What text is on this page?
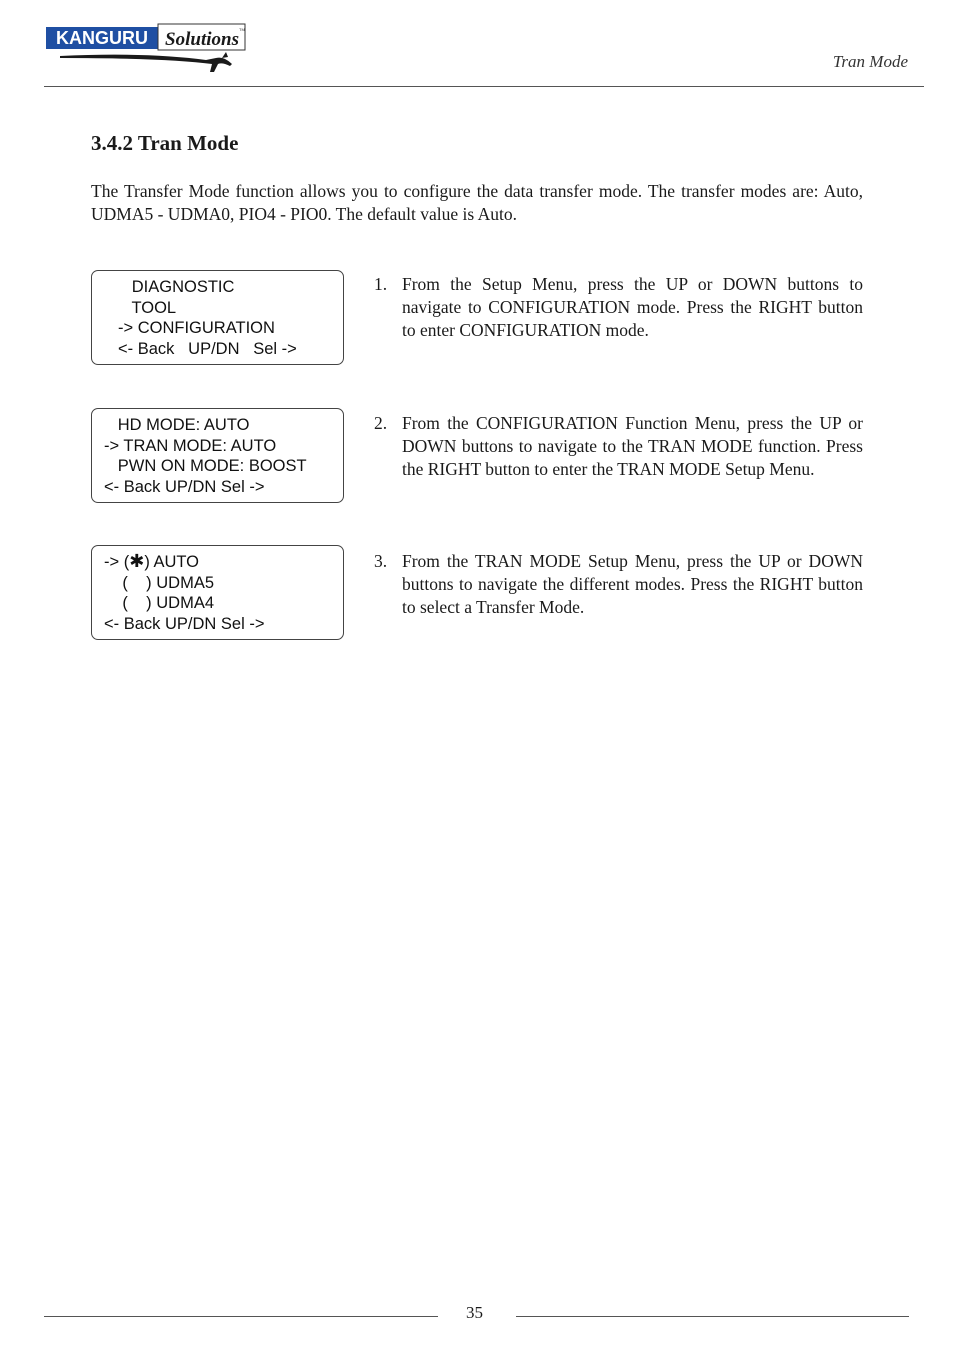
KANGURU Solutions TM
Tran Mode
3.4.2 Tran Mode

The Transfer Mode function allows you to configure the data transfer mode. The transfer modes are: Auto, UDMA5 - UDMA0, PIO4 - PIO0. The default value is Auto.

DIAGNOSTIC
TOOL
-> CONFIGURATION
<- Back   UP/DN   Sel ->
HD MODE: AUTO
-> TRAN MODE: AUTO
PWN ON MODE: BOOST
<- Back UP/DN Sel ->
-> (✱) AUTO
(    ) UDMA5
(    ) UDMA4
<- Back UP/DN Sel ->
1. From the Setup Menu, press the UP or DOWN buttons to navigate to CONFIGURATION mode. Press the RIGHT button to enter CONFIGURATION mode.
2. From the CONFIGURATION Function Menu, press the UP or DOWN buttons to navigate to the TRAN MODE function. Press the RIGHT button to enter the TRAN MODE Setup Menu.
3. From the TRAN MODE Setup Menu, press the UP or DOWN buttons to navigate the different modes. Press the RIGHT button to select a Transfer Mode.
35
